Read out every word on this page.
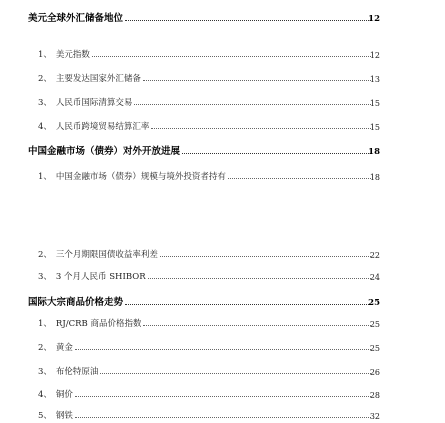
美元全球外汇储备地位	12
1、 美元指数	12
2、 主要发达国家外汇储备	13
3、 人民币国际清算交易	15
4、 人民币跨境贸易结算汇率	15
中国金融市场（债券）对外开放进展	18
1、 中国金融市场（债券）规模与境外投资者持有	18
2、 三个月期限国债收益率利差	22
3、 3 个月人民币 SHIBOR	24
国际大宗商品价格走势	25
1、 RJ/CRB 商品价格指数	25
2、 黄金	25
3、 布伦特原油	26
4、 铜价	28
5、 钢铁	32
